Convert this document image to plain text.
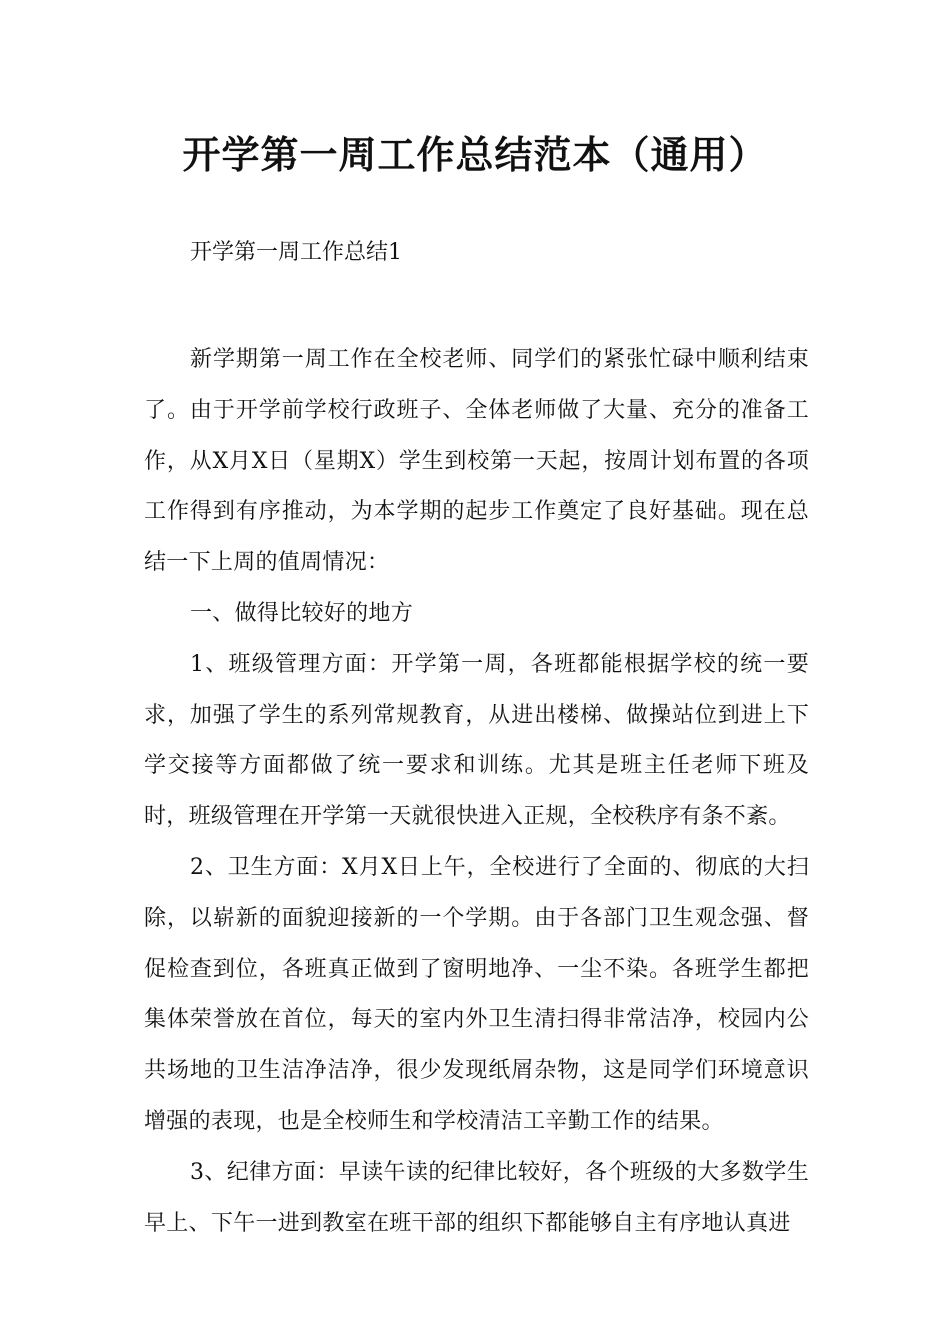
开学第一周工作总结范本（通用）

开学第一周工作总结1

新学期第一周工作在全校老师、同学们的紧张忙碌中顺利结束了。由于开学前学校行政班子、全体老师做了大量、充分的准备工作，从X月X日（星期X）学生到校第一天起，按周计划布置的各项工作得到有序推动，为本学期的起步工作奠定了良好基础。现在总结一下上周的值周情况：

一、做得比较好的地方

1、班级管理方面：开学第一周，各班都能根据学校的统一要求，加强了学生的系列常规教育，从进出楼梯、做操站位到进上下学交接等方面都做了统一要求和训练。尤其是班主任老师下班及时，班级管理在开学第一天就很快进入正规，全校秩序有条不紊。

2、卫生方面：X月X日上午，全校进行了全面的、彻底的大扫除，以崭新的面貌迎接新的一个学期。由于各部门卫生观念强、督促检查到位，各班真正做到了窗明地净、一尘不染。各班学生都把集体荣誉放在首位，每天的室内外卫生清扫得非常洁净，校园内公共场地的卫生洁净洁净，很少发现纸屑杂物，这是同学们环境意识增强的表现，也是全校师生和学校清洁工辛勤工作的结果。

3、纪律方面：早读午读的纪律比较好，各个班级的大多数学生早上、下午一进到教室在班干部的组织下都能够自主有序地认真进
